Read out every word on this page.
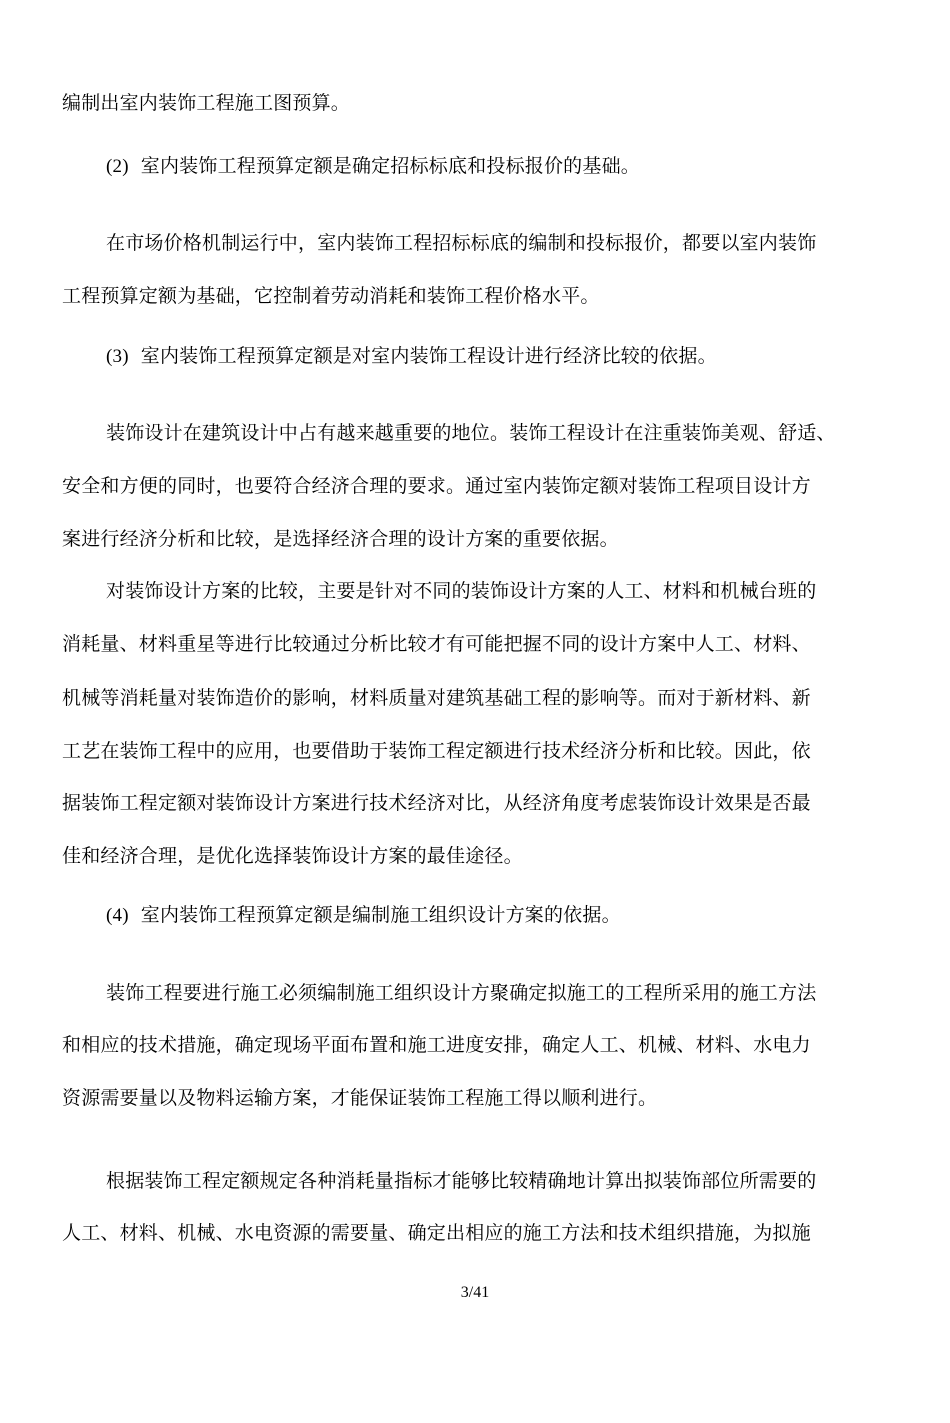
编制出室内装饰工程施工图预算。
(2) 室内装饰工程预算定额是确定招标标底和投标报价的基础。
在市场价格机制运行中，室内装饰工程招标标底的编制和投标报价，都要以室内装饰
工程预算定额为基础，它控制着劳动消耗和装饰工程价格水平。
(3) 室内装饰工程预算定额是对室内装饰工程设计进行经济比较的依据。
装饰设计在建筑设计中占有越来越重要的地位。装饰工程设计在注重装饰美观、舒适、
安全和方便的同时，也要符合经济合理的要求。通过室内装饰定额对装饰工程项目设计方
案进行经济分析和比较，是选择经济合理的设计方案的重要依据。
对装饰设计方案的比较，主要是针对不同的装饰设计方案的人工、材料和机械台班的
消耗量、材料重星等进行比较通过分析比较才有可能把握不同的设计方案中人工、材料、
机械等消耗量对装饰造价的影响，材料质量对建筑基础工程的影响等。而对于新材料、新
工艺在装饰工程中的应用，也要借助于装饰工程定额进行技术经济分析和比较。因此，依
据装饰工程定额对装饰设计方案进行技术经济对比，从经济角度考虑装饰设计效果是否最
佳和经济合理，是优化选择装饰设计方案的最佳途径。
(4) 室内装饰工程预算定额是编制施工组织设计方案的依据。
装饰工程要进行施工必须编制施工组织设计方聚确定拟施工的工程所采用的施工方法
和相应的技术措施，确定现场平面布置和施工进度安排，确定人工、机械、材料、水电力
资源需要量以及物料运输方案，才能保证装饰工程施工得以顺利进行。
根据装饰工程定额规定各种消耗量指标才能够比较精确地计算出拟装饰部位所需要的
人工、材料、机械、水电资源的需要量、确定出相应的施工方法和技术组织措施，为拟施
3/41
